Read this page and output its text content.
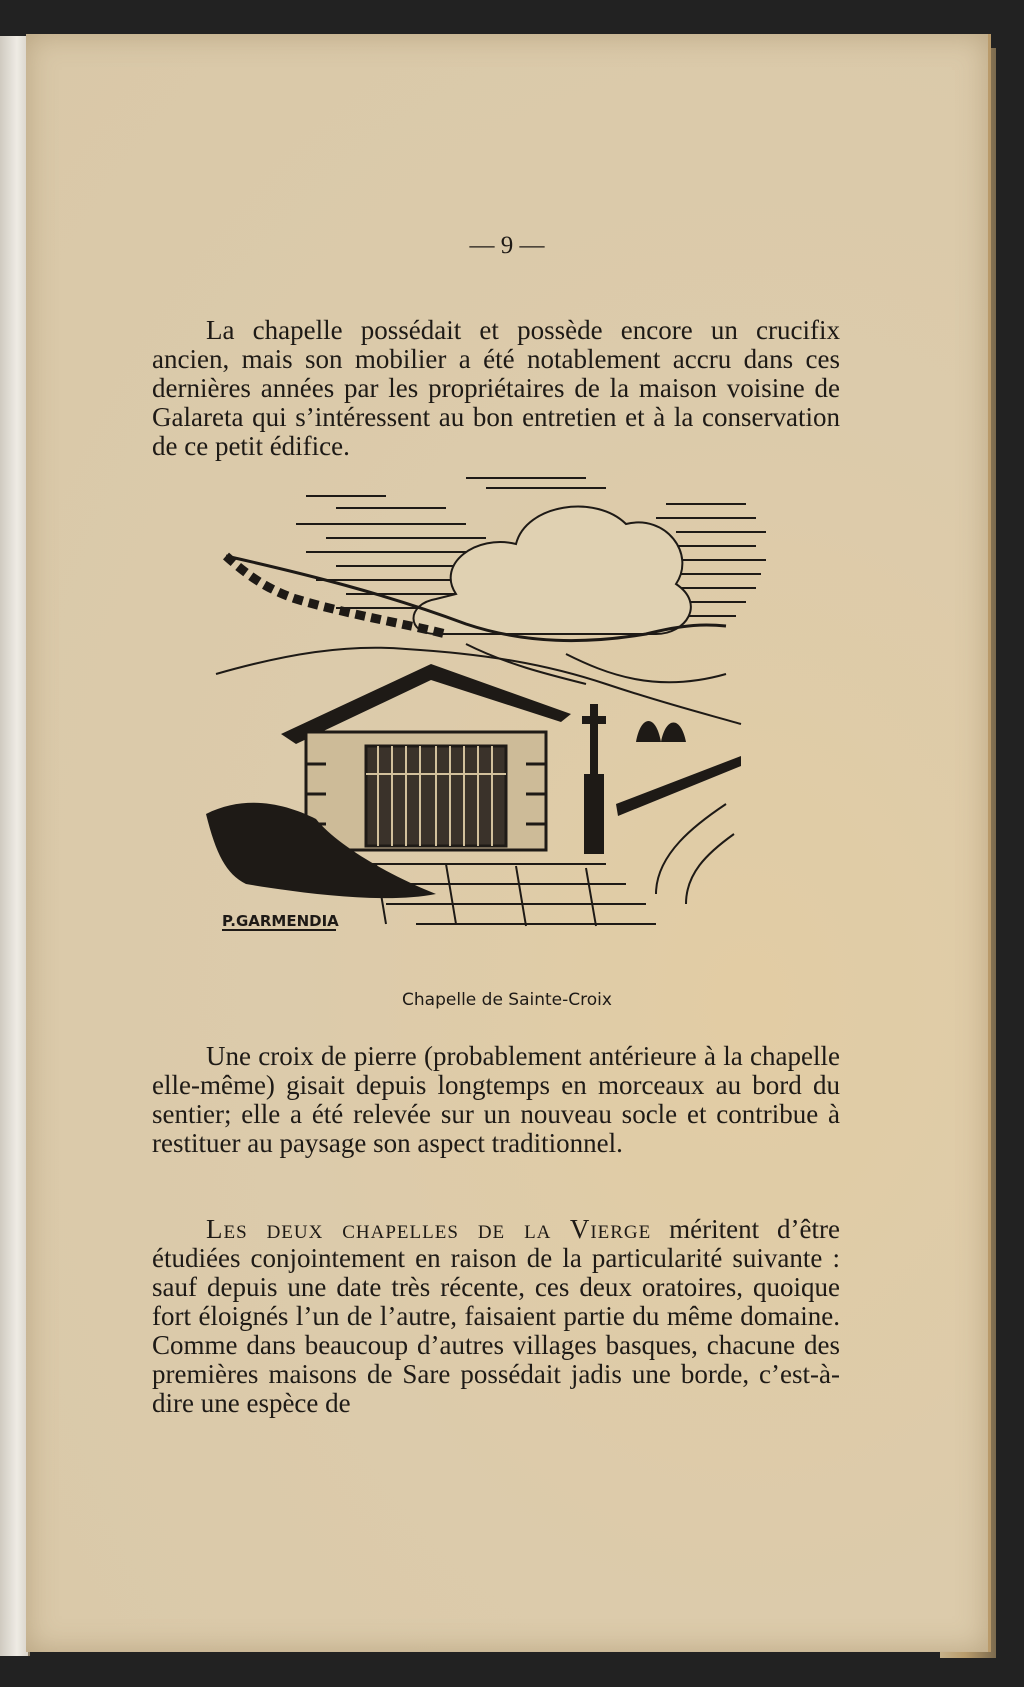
— 9 —

La chapelle possédait et possède encore un crucifix ancien, mais son mobilier a été notablement accru dans ces dernières années par les propriétaires de la maison voisine de Galareta qui s’intéressent au bon entretien et à la conservation de ce petit édifice.

P.GARMENDIA
Chapelle de Sainte-Croix

Une croix de pierre (probablement antérieure à la chapelle elle-même) gisait depuis longtemps en morceaux au bord du sentier; elle a été relevée sur un nouveau socle et contribue à restituer au paysage son aspect traditionnel.

Les deux chapelles de la Vierge méritent d’être étudiées conjointement en raison de la particularité suivante : sauf depuis une date très récente, ces deux oratoires, quoique fort éloignés l’un de l’autre, faisaient partie du même domaine. Comme dans beaucoup d’autres villages basques, chacune des premières maisons de Sare possédait jadis une borde, c’est-à-dire une espèce de
